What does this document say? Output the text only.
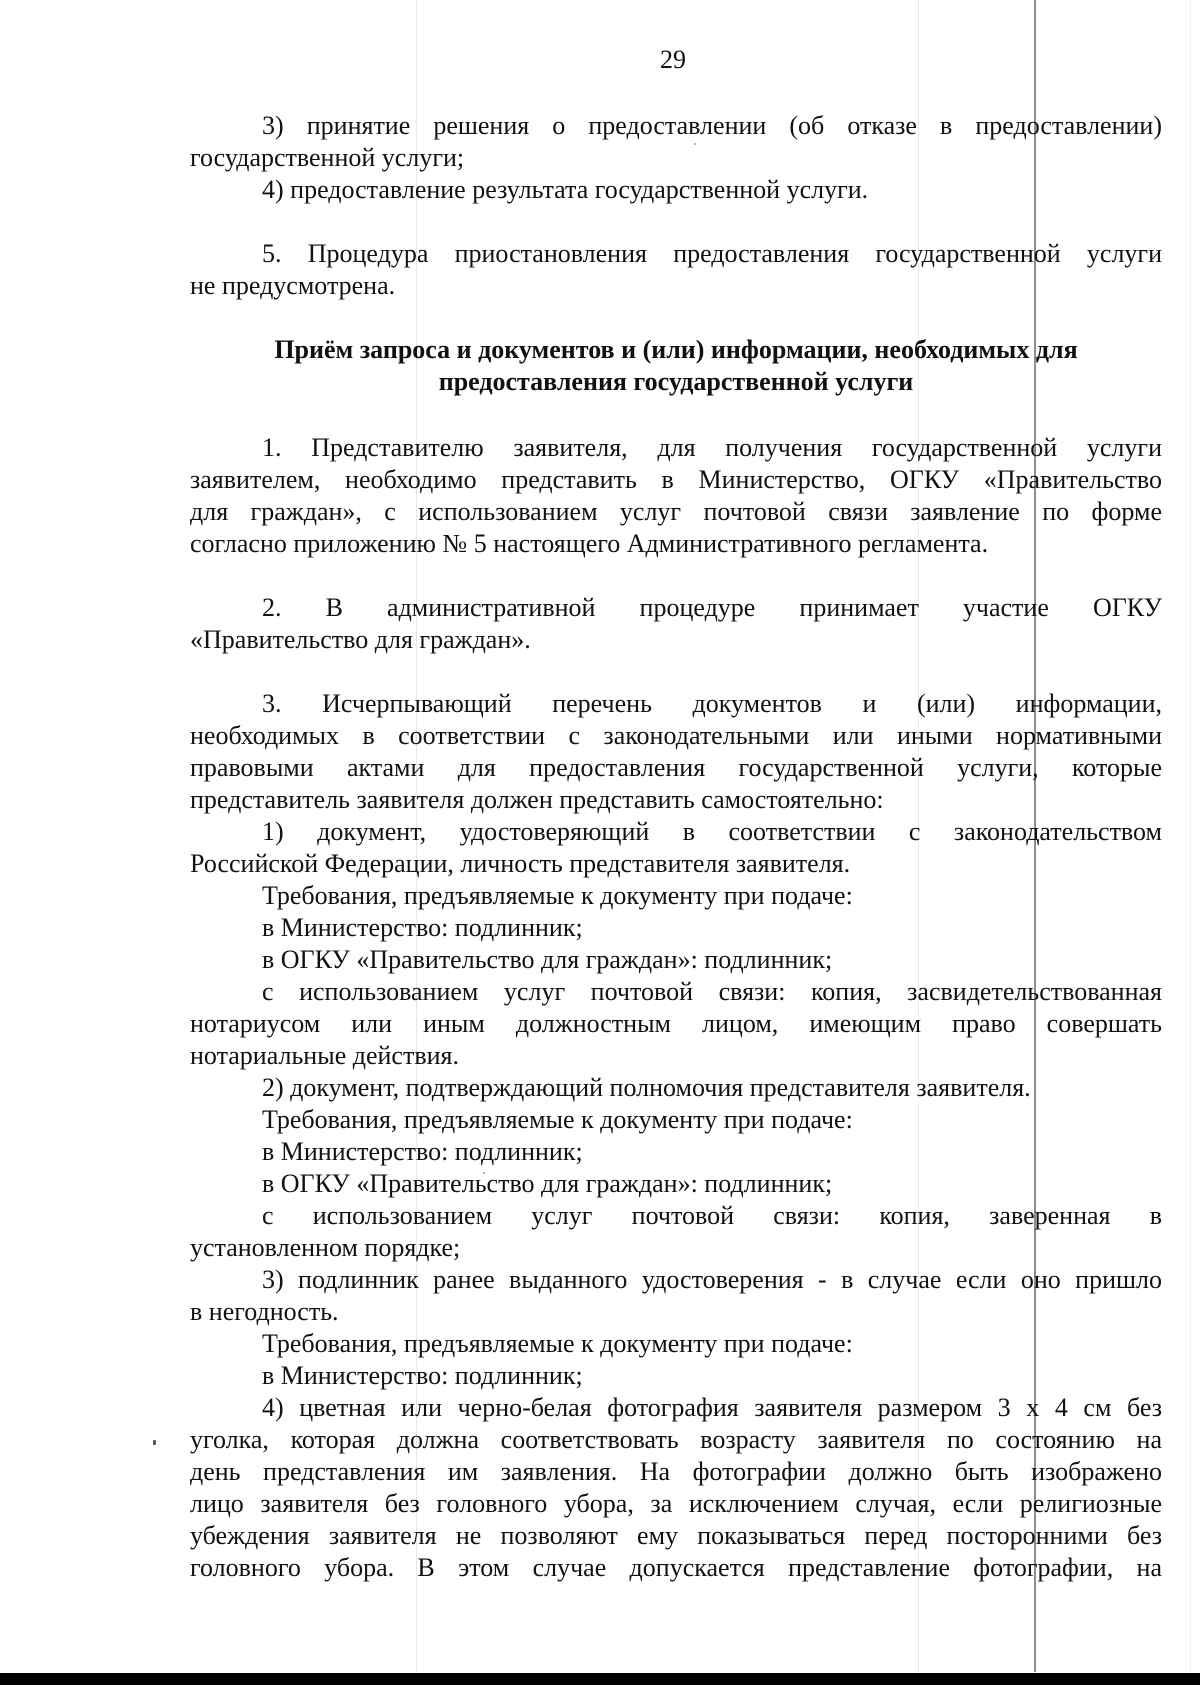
29
3) принятие решения о предоставлении (об отказе в предоставлении)
государственной услуги;
4) предоставление результата государственной услуги.
5. Процедура приостановления предоставления государственной услуги
не предусмотрена.
Приём запроса и документов и (или) информации, необходимых для
предоставления государственной услуги
1. Представителю заявителя, для получения государственной услуги
заявителем, необходимо представить в Министерство, ОГКУ «Правительство
для граждан», с использованием услуг почтовой связи заявление по форме
согласно приложению № 5 настоящего Административного регламента.
2. В административной процедуре принимает участие ОГКУ
«Правительство для граждан».
3. Исчерпывающий перечень документов и (или) информации,
необходимых в соответствии с законодательными или иными нормативными
правовыми актами для предоставления государственной услуги, которые
представитель заявителя должен представить самостоятельно:
1) документ, удостоверяющий в соответствии с законодательством
Российской Федерации, личность представителя заявителя.
Требования, предъявляемые к документу при подаче:
в Министерство: подлинник;
в ОГКУ «Правительство для граждан»: подлинник;
с использованием услуг почтовой связи: копия, засвидетельствованная
нотариусом или иным должностным лицом, имеющим право совершать
нотариальные действия.
2) документ, подтверждающий полномочия представителя заявителя.
Требования, предъявляемые к документу при подаче:
в Министерство: подлинник;
в ОГКУ «Правительство для граждан»: подлинник;
с использованием услуг почтовой связи: копия, заверенная в
установленном порядке;
3) подлинник ранее выданного удостоверения - в случае если оно пришло
в негодность.
Требования, предъявляемые к документу при подаче:
в Министерство: подлинник;
4) цветная или черно-белая фотография заявителя размером 3 х 4 см без
уголка, которая должна соответствовать возрасту заявителя по состоянию на
день представления им заявления. На фотографии должно быть изображено
лицо заявителя без головного убора, за исключением случая, если религиозные
убеждения заявителя не позволяют ему показываться перед посторонними без
головного убора. В этом случае допускается представление фотографии, на
